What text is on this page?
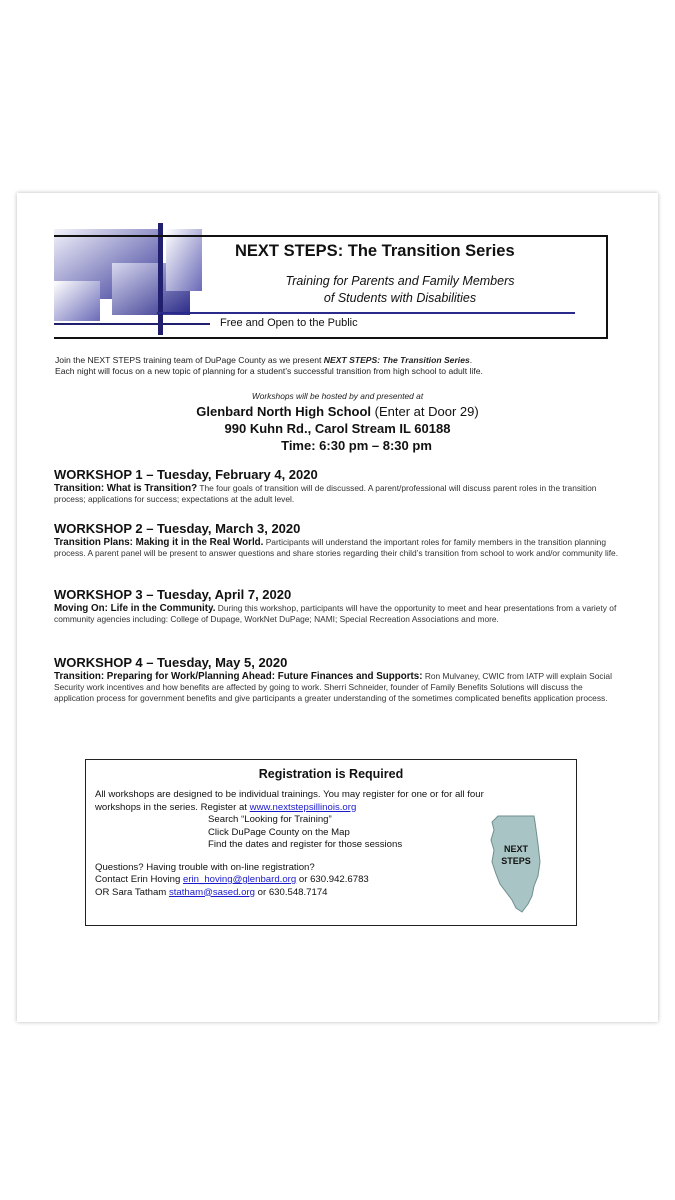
NEXT STEPS: The Transition Series
Training for Parents and Family Members
of Students with Disabilities
Free and Open to the Public
Join the NEXT STEPS training team of DuPage County as we present NEXT STEPS: The Transition Series.
Each night will focus on a new topic of planning for a student’s successful transition from high school to adult life.
Workshops will be hosted by and presented at
Glenbard North High School (Enter at Door 29)
990 Kuhn Rd., Carol Stream IL 60188
Time: 6:30 pm – 8:30 pm
WORKSHOP 1 – Tuesday, February 4, 2020
Transition: What is Transition? The four goals of transition will de discussed. A parent/professional will discuss parent roles in the transition process; applications for success; expectations at the adult level.
WORKSHOP 2 – Tuesday, March 3, 2020
Transition Plans: Making it in the Real World. Participants will understand the important roles for family members in the transition planning process. A parent panel will be present to answer questions and share stories regarding their child’s transition from school to work and/or community life.
WORKSHOP 3 – Tuesday, April 7, 2020
Moving On: Life in the Community. During this workshop, participants will have the opportunity to meet and hear presentations from a variety of community agencies including: College of Dupage, WorkNet DuPage; NAMI; Special Recreation Associations and more.
WORKSHOP 4 – Tuesday, May 5, 2020
Transition: Preparing for Work/Planning Ahead: Future Finances and Supports: Ron Mulvaney, CWIC from IATP will explain Social Security work incentives and how benefits are affected by going to work. Sherri Schneider, founder of Family Benefits Solutions will discuss the application process for government benefits and give participants a greater understanding of the sometimes complicated benefits application process.
Registration is Required
All workshops are designed to be individual trainings. You may register for one or for all four workshops in the series. Register at www.nextstepsillinois.org
Search “Looking for Training”
Click DuPage County on the Map
Find the dates and register for those sessions
Questions? Having trouble with on-line registration?
Contact Erin Hoving erin_hoving@glenbard.org or 630.942.6783
OR Sara Tatham statham@sased.org or 630.548.7174
NEXT
STEPS
